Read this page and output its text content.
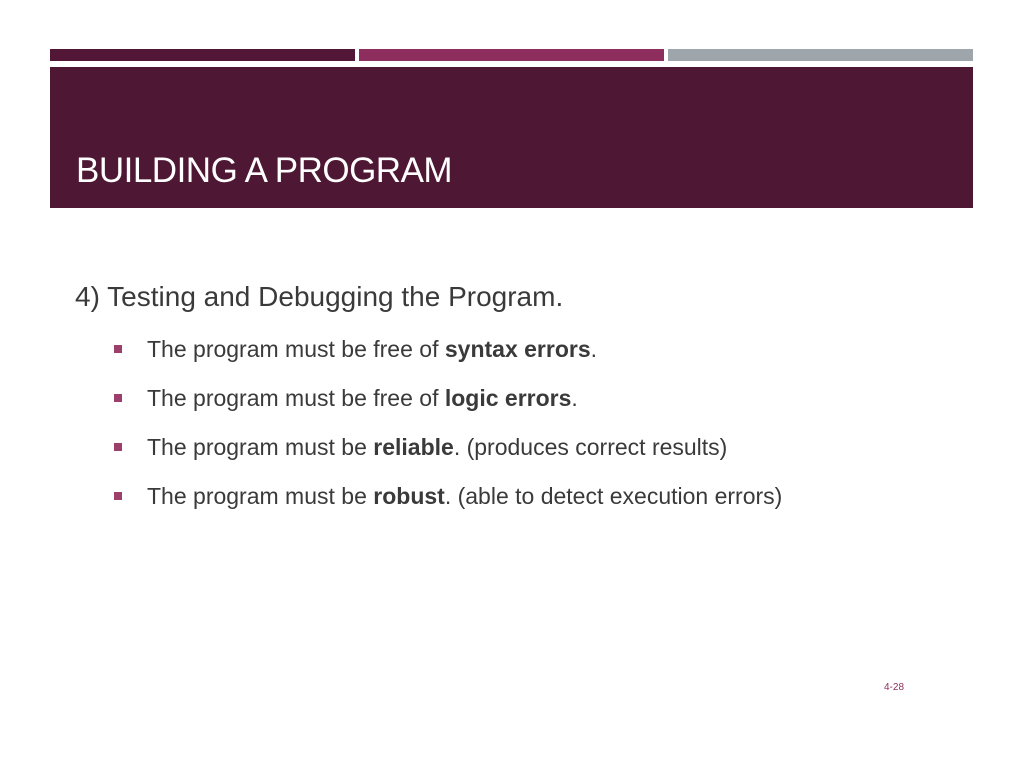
BUILDING A PROGRAM

4) Testing and Debugging the Program.

The program must be free of syntax errors.
The program must be free of logic errors.
The program must be reliable. (produces correct results)
The program must be robust. (able to detect execution errors)
4-28
